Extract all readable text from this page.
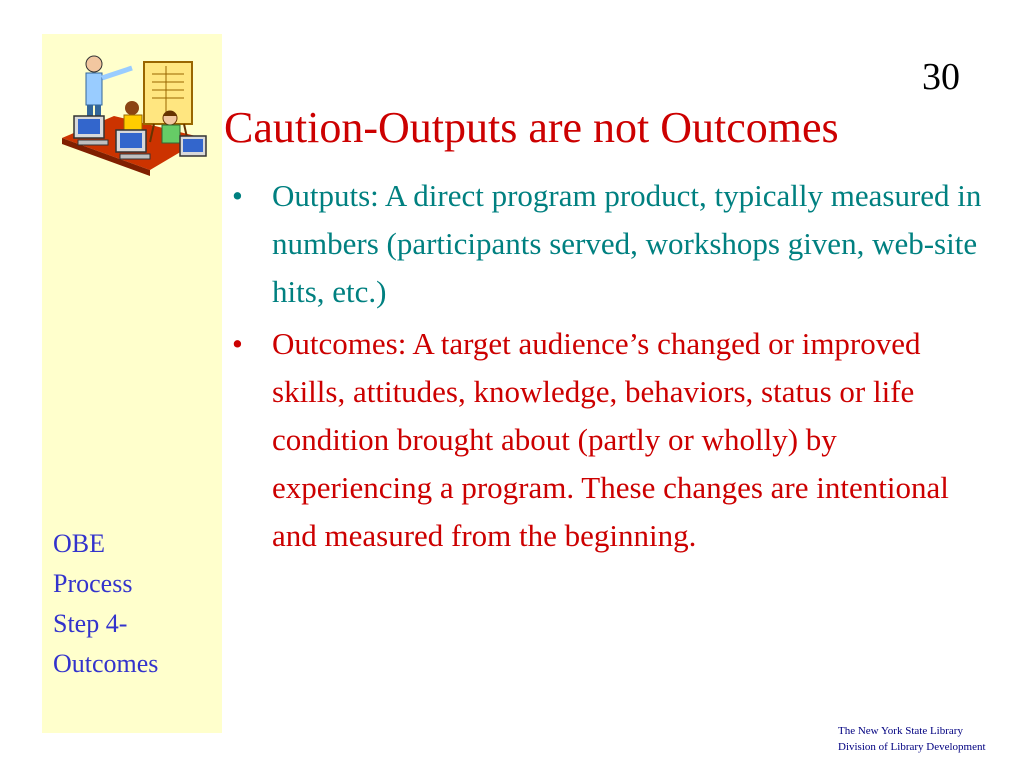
OBE
Process
Step 4-
Outcomes
30
Caution-Outputs are not Outcomes
• Outputs: A direct program product, typically measured in numbers (participants served, workshops given, web-site hits, etc.)
• Outcomes: A target audience’s changed or improved skills, attitudes, knowledge, behaviors, status or life condition brought about (partly or wholly) by experiencing a program. These changes are intentional and measured from the beginning.
The New York State Library
Division of Library Development
